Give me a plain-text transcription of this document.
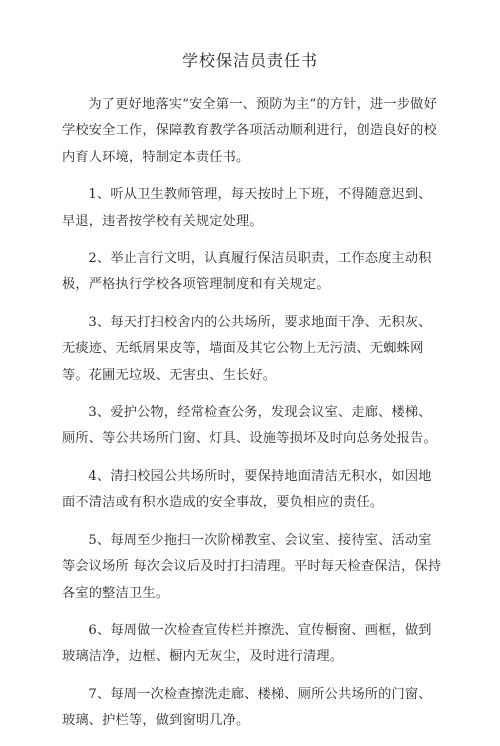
学校保洁员责任书

为了更好地落实“安全第一、预防为主”的方针，进一步做好学校安全工作，保障教育教学各项活动顺利进行，创造良好的校内育人环境，特制定本责任书。

1、听从卫生教师管理，每天按时上下班，不得随意迟到、早退，违者按学校有关规定处理。

2、举止言行文明，认真履行保洁员职责，工作态度主动积极，严格执行学校各项管理制度和有关规定。

3、每天打扫校舍内的公共场所，要求地面干净、无积灰、无痰迹、无纸屑果皮等，墙面及其它公物上无污渍、无蜘蛛网等。花圃无垃圾、无害虫、生长好。

3、爱护公物，经常检查公务，发现会议室、走廊、楼梯、厕所、等公共场所门窗、灯具、设施等损坏及时向总务处报告。

4、清扫校园公共场所时，要保持地面清洁无积水，如因地面不清洁或有积水造成的安全事故，要负相应的责任。

5、每周至少拖扫一次阶梯教室、会议室、接待室、活动室等会议场所 每次会议后及时打扫清理。平时每天检查保洁，保持各室的整洁卫生。

6、每周做一次检查宣传栏并擦洗、宣传橱窗、画框，做到玻璃洁净，边框、橱内无灰尘，及时进行清理。

7、每周一次检查擦洗走廊、楼梯、厕所公共场所的门窗、玻璃、护栏等，做到窗明几净。
